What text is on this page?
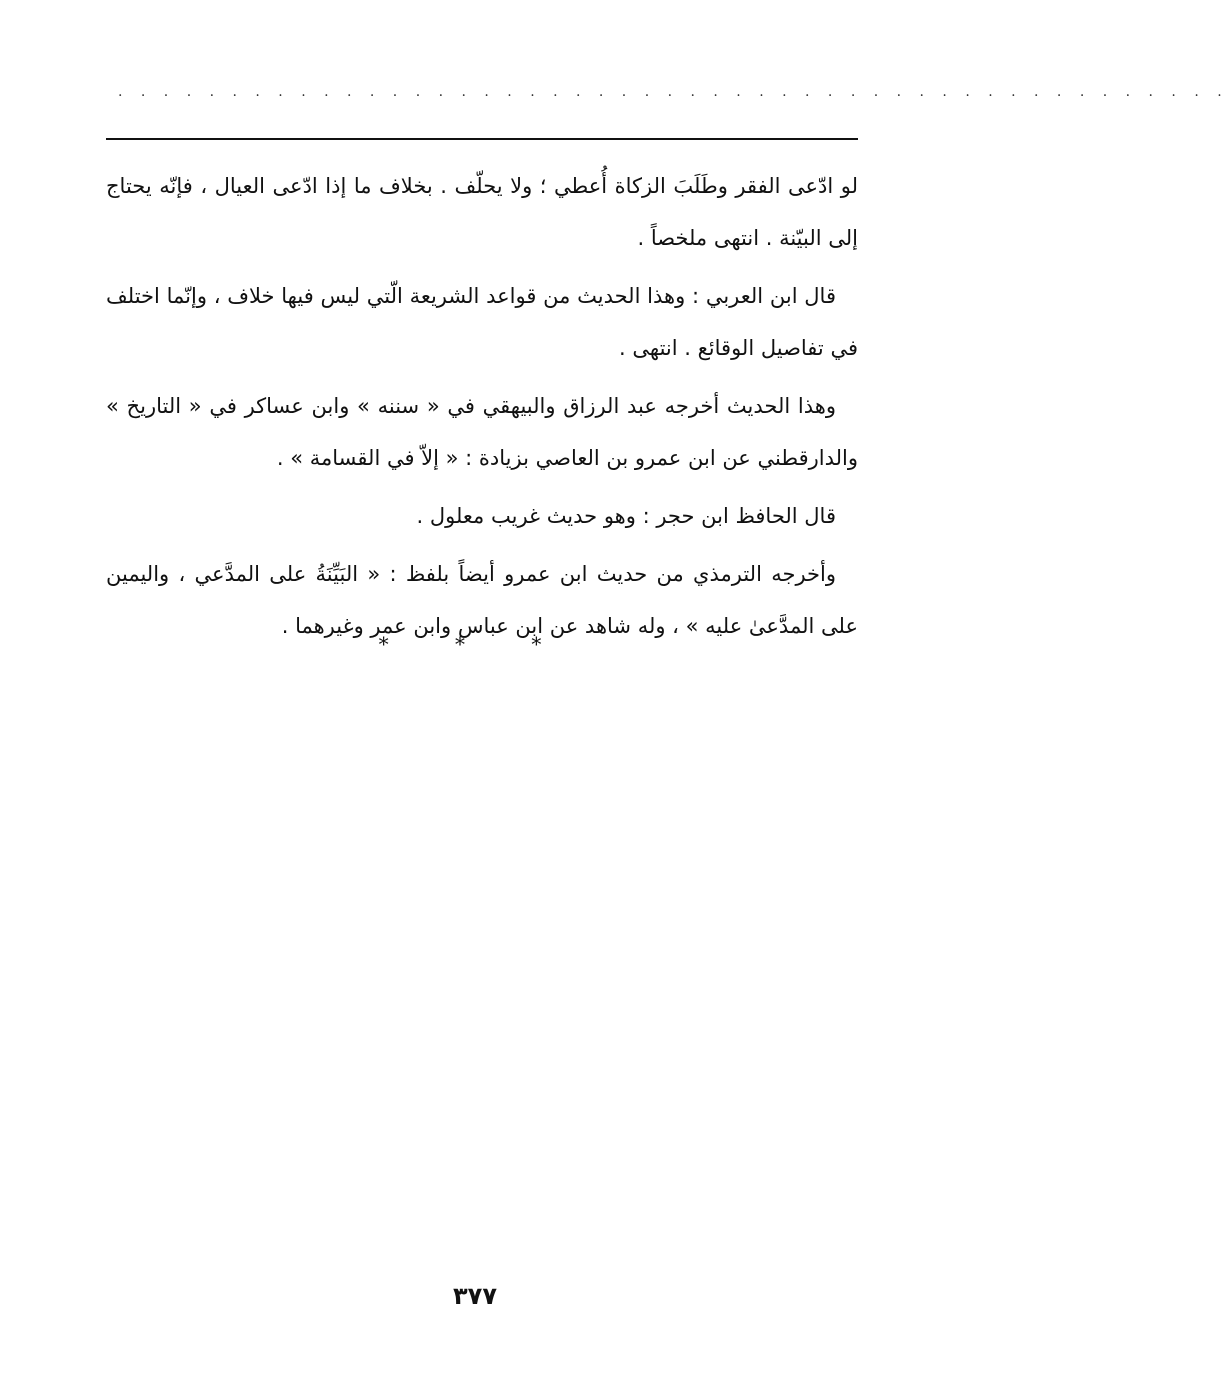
. . . . . . . . . . . . . . . . . . . . . . . . . . . . . . . . . . . . . . . . . . . . . . . . .

لو ادّعى الفقر وطَلَبَ الزكاة أُعطي ؛ ولا يحلّف . بخلاف ما إذا ادّعى العيال ، فإنّه يحتاج إلى البيّنة . انتهى ملخصاً .

قال ابن العربي : وهذا الحديث من قواعد الشريعة الّتي ليس فيها خلاف ، وإنّما اختلف في تفاصيل الوقائع . انتهى .

وهذا الحديث أخرجه عبد الرزاق والبيهقي في « سننه » وابن عساكر في « التاريخ » والدارقطني عن ابن عمرو بن العاصي بزيادة : « إلاّ في القسامة » .

قال الحافظ ابن حجر : وهو حديث غريب معلول .

وأخرجه الترمذي من حديث ابن عمرو أيضاً بلفظ : « البَيِّنَةُ على المدَّعي ، واليمين على المدَّعىٰ عليه » ، وله شاهد عن ابن عباس وابن عمر وغيرهما .

* * *
٣٧٧
